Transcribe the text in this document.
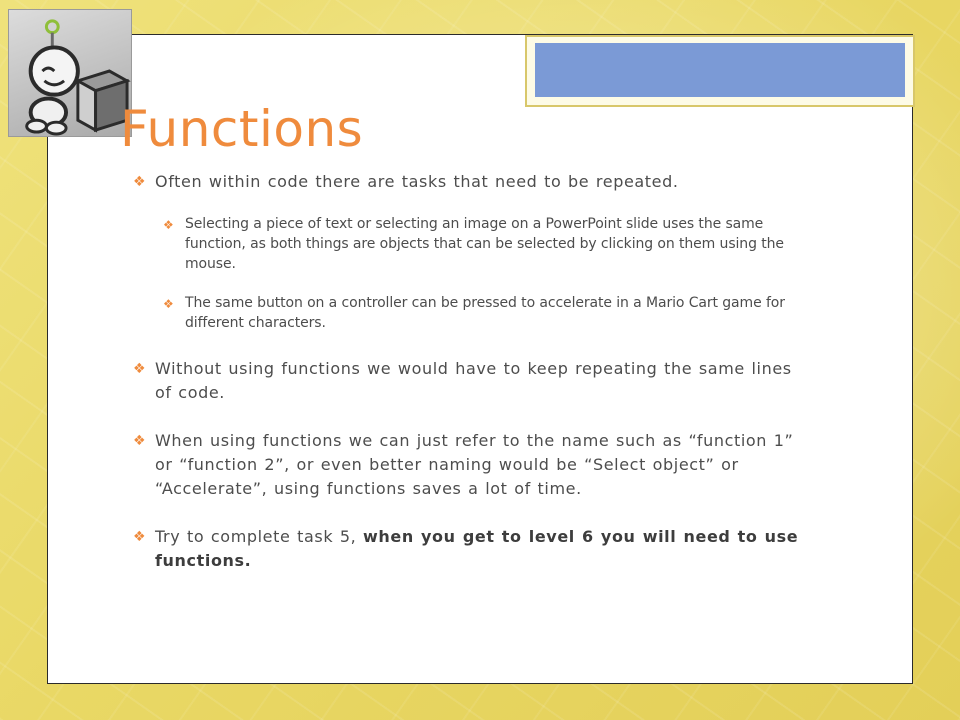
Functions
❖ Often within code there are tasks that need to be repeated.
❖ Selecting a piece of text or selecting an image on a PowerPoint slide uses the same function, as both things are objects that can be selected by clicking on them using the mouse.
❖ The same button on a controller can be pressed to accelerate in a Mario Cart game for different characters.
❖ Without using functions we would have to keep repeating the same lines of code.
❖ When using functions we can just refer to the name such as “function 1” or “function 2”, or even better naming would be “Select object” or “Accelerate”, using functions saves a lot of time.
❖ Try to complete task 5, when you get to level 6 you will need to use functions.
